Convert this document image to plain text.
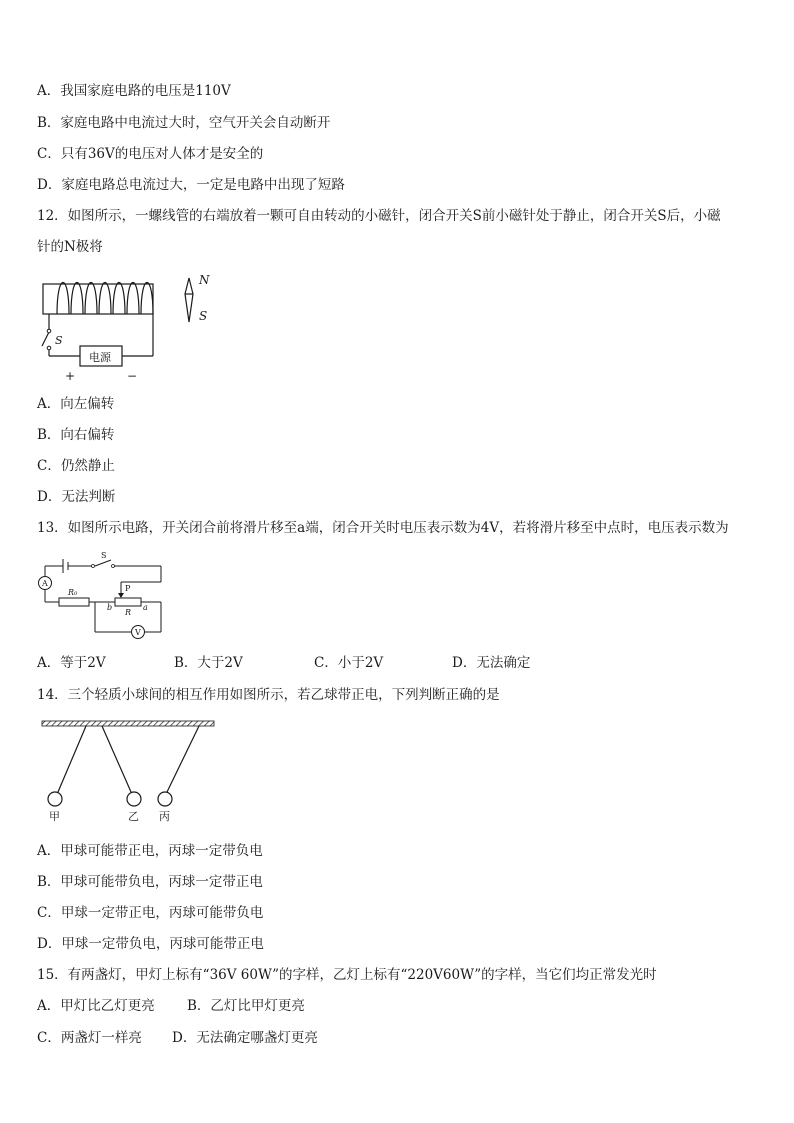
A．我国家庭电路的电压是110V
B．家庭电路中电流过大时，空气开关会自动断开
C．只有36V的电压对人体才是安全的
D．家庭电路总电流过大，一定是电路中出现了短路
12．如图所示，一螺线管的右端放着一颗可自由转动的小磁针，闭合开关S前小磁针处于静止，闭合开关S后，小磁
针的N极将
N
S
S
电源
+	−
A．向左偏转
B．向右偏转
C．仍然静止
D．无法判断
13．如图所示电路，开关闭合前将滑片移至a端，闭合开关时电压表示数为4V，若将滑片移至中点时，电压表示数为
S
A
V
R₀	P
b
R
a
A．等于2V	B．大于2V	C．小于2V	D．无法确定
14．三个轻质小球间的相互作用如图所示，若乙球带正电，下列判断正确的是
甲	乙 丙
A．甲球可能带正电，丙球一定带负电
B．甲球可能带负电，丙球一定带正电
C．甲球一定带正电，丙球可能带负电
D．甲球一定带负电，丙球可能带正电
15．有两盏灯，甲灯上标有“36V 60W”的字样，乙灯上标有“220V60W”的字样，当它们均正常发光时
A．甲灯比乙灯更亮 B．乙灯比甲灯更亮
C．两盏灯一样亮 D．无法确定哪盏灯更亮
